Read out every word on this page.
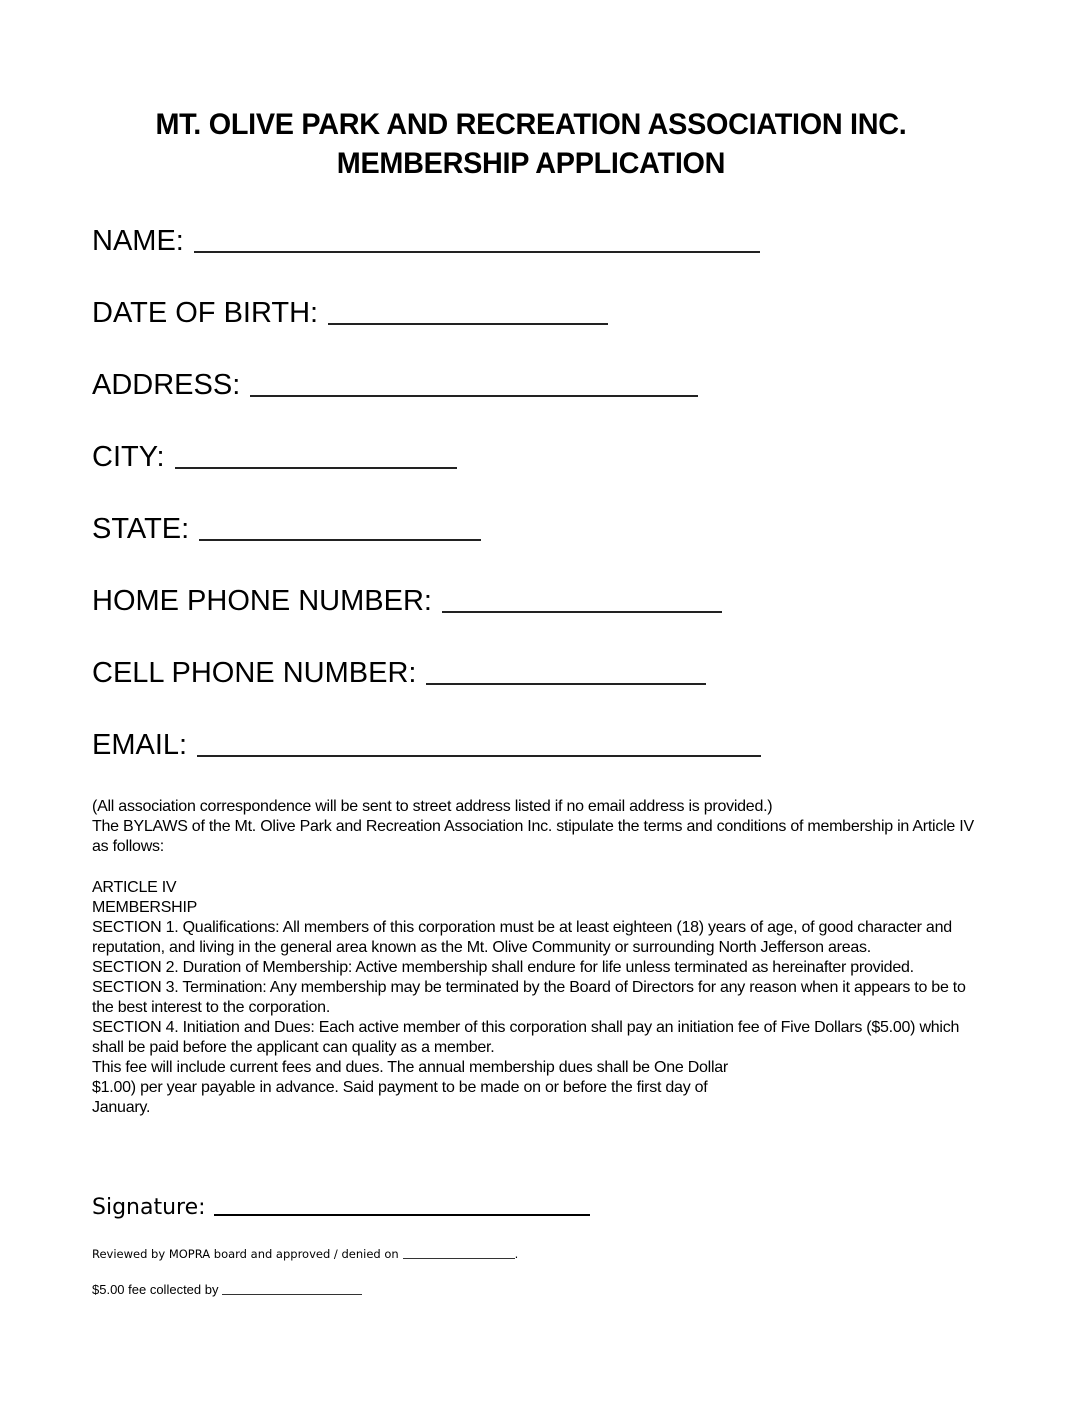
MT. OLIVE PARK AND RECREATION ASSOCIATION INC.
MEMBERSHIP APPLICATION
NAME:
DATE OF BIRTH:
ADDRESS:
CITY:
STATE:
HOME PHONE NUMBER:
CELL PHONE NUMBER:
EMAIL:

(All association correspondence will be sent to street address listed if no email address is provided.)

The BYLAWS of the Mt. Olive Park and Recreation Association Inc. stipulate the terms and conditions of membership in Article IV as follows:

ARTICLE IV

MEMBERSHIP

SECTION 1. Qualifications: All members of this corporation must be at least eighteen (18) years of age, of good character and reputation, and living in the general area known as the Mt. Olive Community or surrounding North Jefferson areas.

SECTION 2. Duration of Membership: Active membership shall endure for life unless terminated as hereinafter provided.

SECTION 3. Termination: Any membership may be terminated by the Board of Directors for any reason when it appears to be to the best interest to the corporation.

SECTION 4. Initiation and Dues: Each active member of this corporation shall pay an initiation fee of Five Dollars ($5.00) which shall be paid before the applicant can quality as a member.

This fee will include current fees and dues. The annual membership dues shall be One Dollar

$1.00) per year payable in advance. Said payment to be made on or before the first day of

January.

Signature:
Reviewed by MOPRA board and approved / denied on	.
$5.00 fee collected by
